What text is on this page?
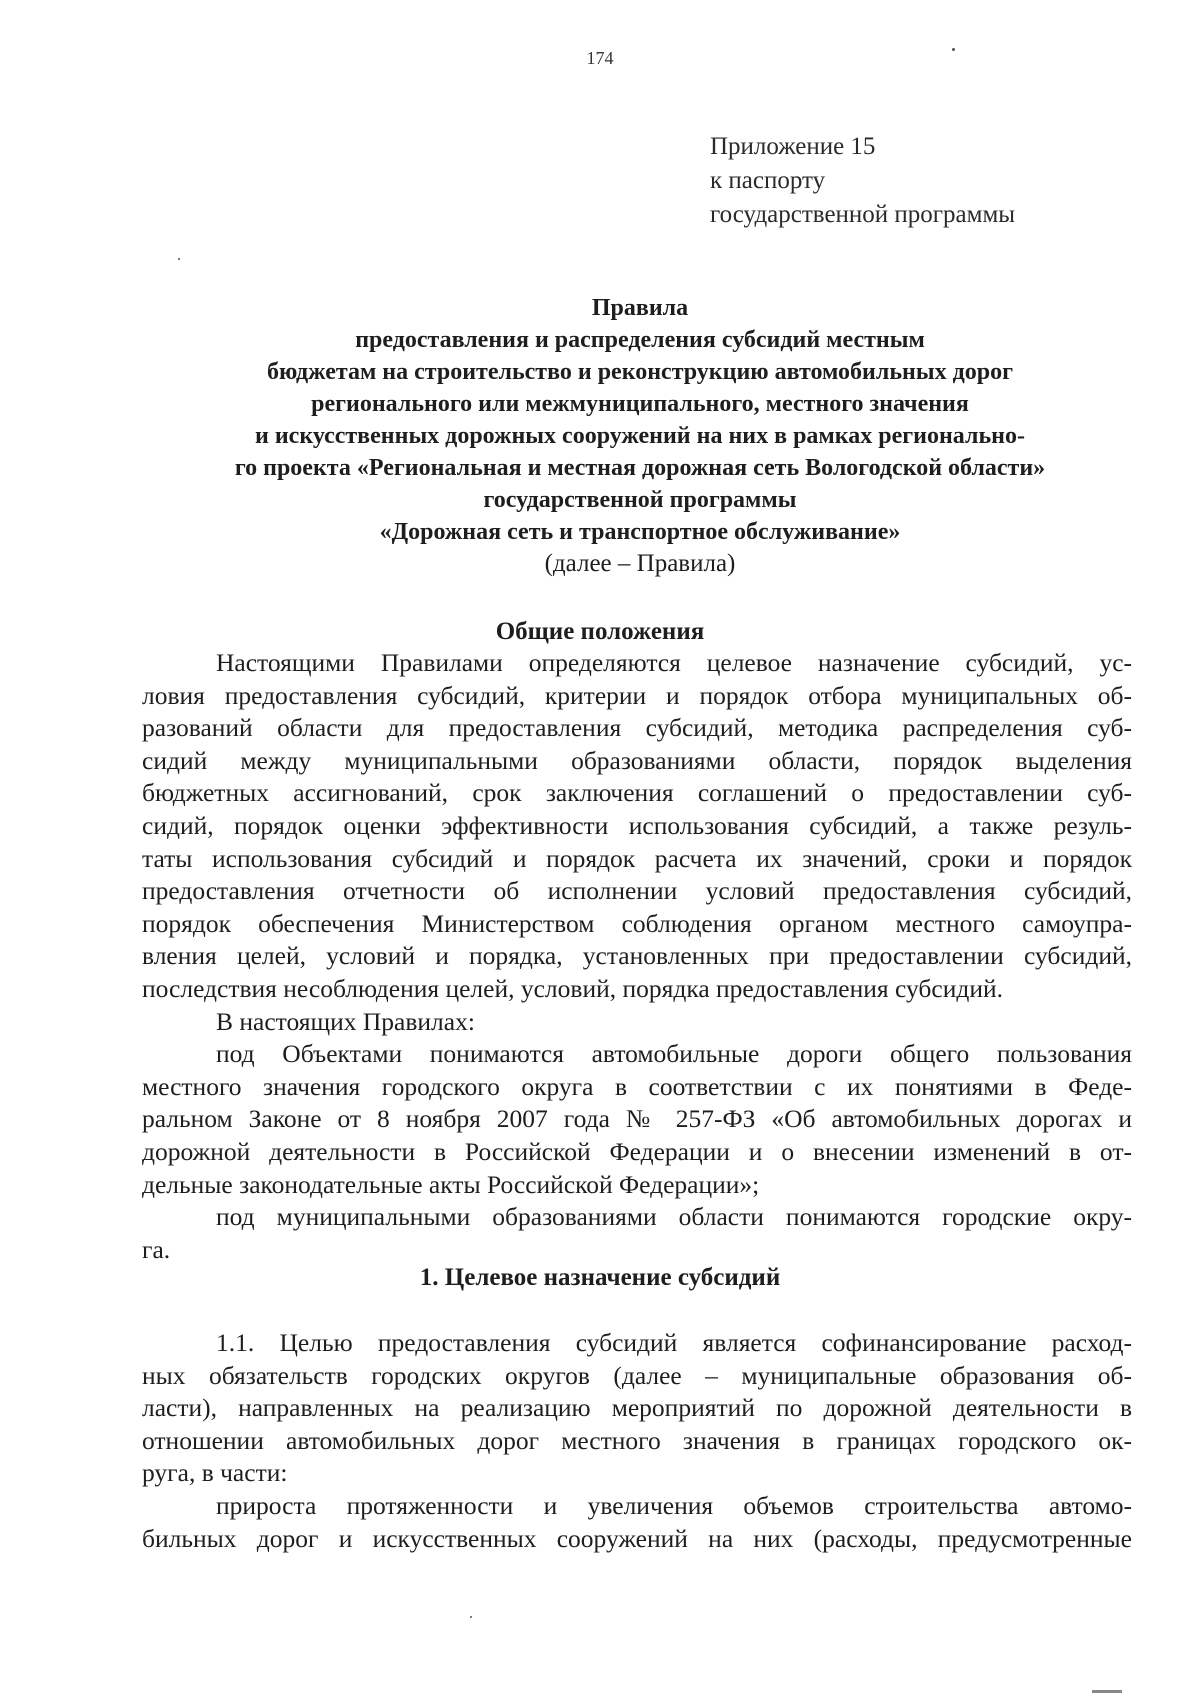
174
Приложение 15
к паспорту
государственной программы
Правила
предоставления и распределения субсидий местным
бюджетам на строительство и реконструкцию автомобильных дорог
регионального или межмуниципального, местного значения
и искусственных дорожных сооружений на них в рамках регионально-
го проекта «Региональная и местная дорожная сеть Вологодской области»
государственной программы
«Дорожная сеть и транспортное обслуживание»
(далее – Правила)
Общие положения
Настоящими Правилами определяются целевое назначение субсидий, ус-
ловия предоставления субсидий, критерии и порядок отбора муниципальных об-
разований области для предоставления субсидий, методика распределения суб-
сидий между муниципальными образованиями области, порядок выделения
бюджетных ассигнований, срок заключения соглашений о предоставлении суб-
сидий, порядок оценки эффективности использования субсидий, а также резуль-
таты использования субсидий и порядок расчета их значений, сроки и порядок
предоставления отчетности об исполнении условий предоставления субсидий,
порядок обеспечения Министерством соблюдения органом местного самоупра-
вления целей, условий и порядка, установленных при предоставлении субсидий,
последствия несоблюдения целей, условий, порядка предоставления субсидий.
В настоящих Правилах:
под Объектами понимаются автомобильные дороги общего пользования
местного значения городского округа в соответствии с их понятиями в Феде-
ральном Законе от 8 ноября 2007 года № 257-ФЗ «Об автомобильных дорогах и
дорожной деятельности в Российской Федерации и о внесении изменений в от-
дельные законодательные акты Российской Федерации»;
под муниципальными образованиями области понимаются городские окру-
га.
1. Целевое назначение субсидий
1.1. Целью предоставления субсидий является софинансирование расход-
ных обязательств городских округов (далее – муниципальные образования об-
ласти), направленных на реализацию мероприятий по дорожной деятельности в
отношении автомобильных дорог местного значения в границах городского ок-
руга, в части:
прироста протяженности и увеличения объемов строительства автомо-
бильных дорог и искусственных сооружений на них (расходы, предусмотренные
